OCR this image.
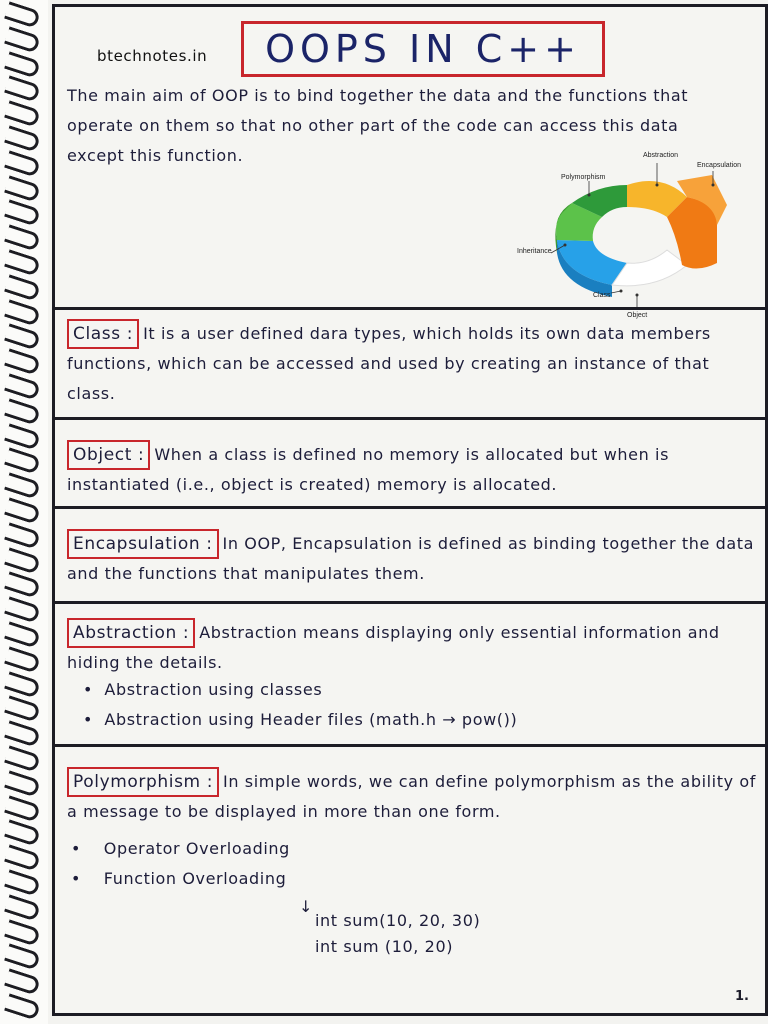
btechnotes.in	OOPS IN C++
The main aim of OOP is to bind together the data and the functions that operate on them so that no other part of the code can access this data except this function.	Abstraction
Encapsulation
Polymorphism
Inheritance
Class
Object
Class : It is a user defined dara types, which holds its own data members functions, which can be accessed and used by creating an instance of that class.
Object : When a class is defined no memory is allocated but when is instantiated (i.e., object is created) memory is allocated.
Encapsulation : In OOP, Encapsulation is defined as binding together the data and the functions that manipulates them.
Abstraction : Abstraction means displaying only essential information and hiding the details.
•  Abstraction using classes
•  Abstraction using Header files (math.h → pow())
Polymorphism : In simple words, we can define polymorphism as the ability of a message to be displayed in more than one form.
•    Operator Overloading
•    Function Overloading
↓
int sum(10, 20, 30)
int sum (10, 20)
1.
